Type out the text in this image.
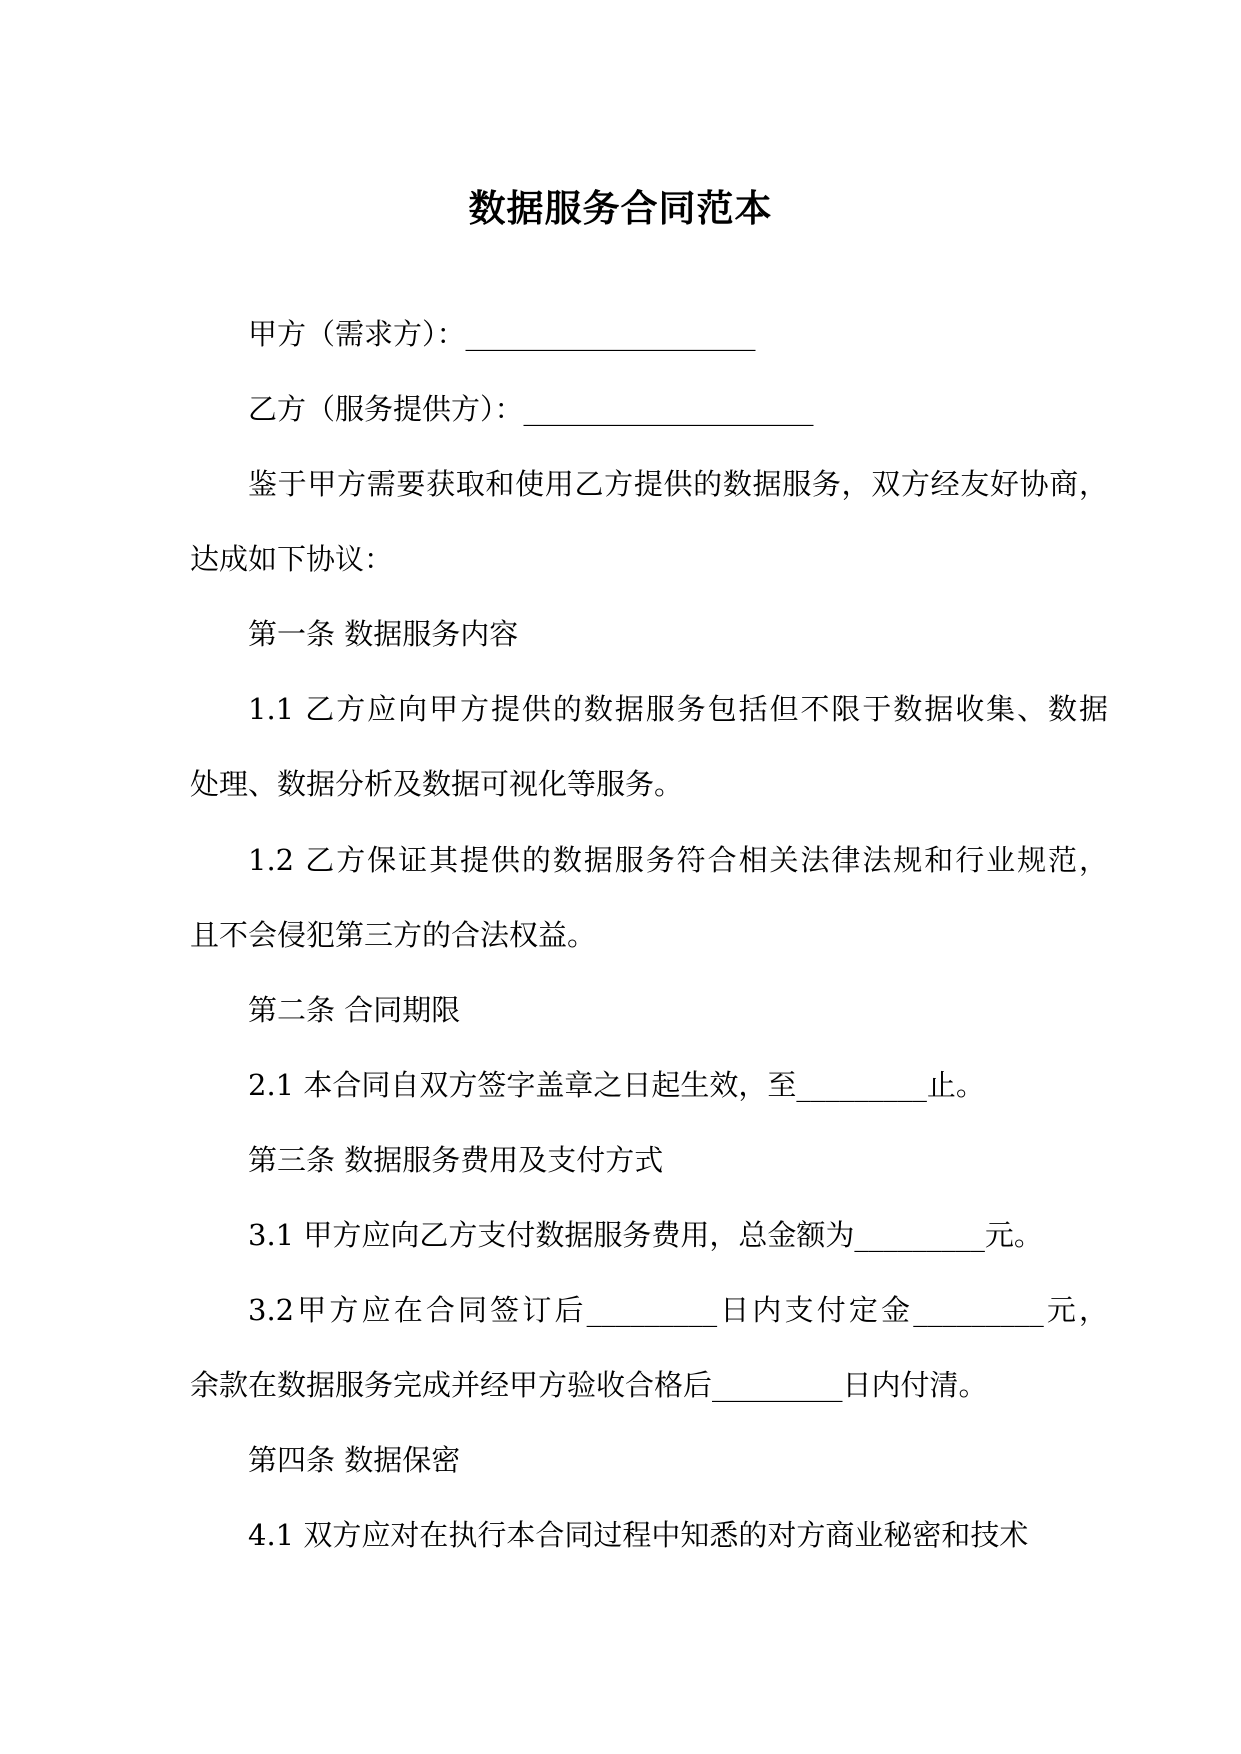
数据服务合同范本

甲方（需求方）：____________________

乙方（服务提供方）：____________________

鉴于甲方需要获取和使用乙方提供的数据服务，双方经友好协商，

达成如下协议：

第一条 数据服务内容

1.1 乙方应向甲方提供的数据服务包括但不限于数据收集、数据

处理、数据分析及数据可视化等服务。

1.2 乙方保证其提供的数据服务符合相关法律法规和行业规范，

且不会侵犯第三方的合法权益。

第二条 合同期限

2.1 本合同自双方签字盖章之日起生效，至_________止。

第三条 数据服务费用及支付方式

3.1 甲方应向乙方支付数据服务费用，总金额为_________元。

3.2甲方应在合同签订后_________日内支付定金_________元，

余款在数据服务完成并经甲方验收合格后_________日内付清。

第四条 数据保密

4.1 双方应对在执行本合同过程中知悉的对方商业秘密和技术
